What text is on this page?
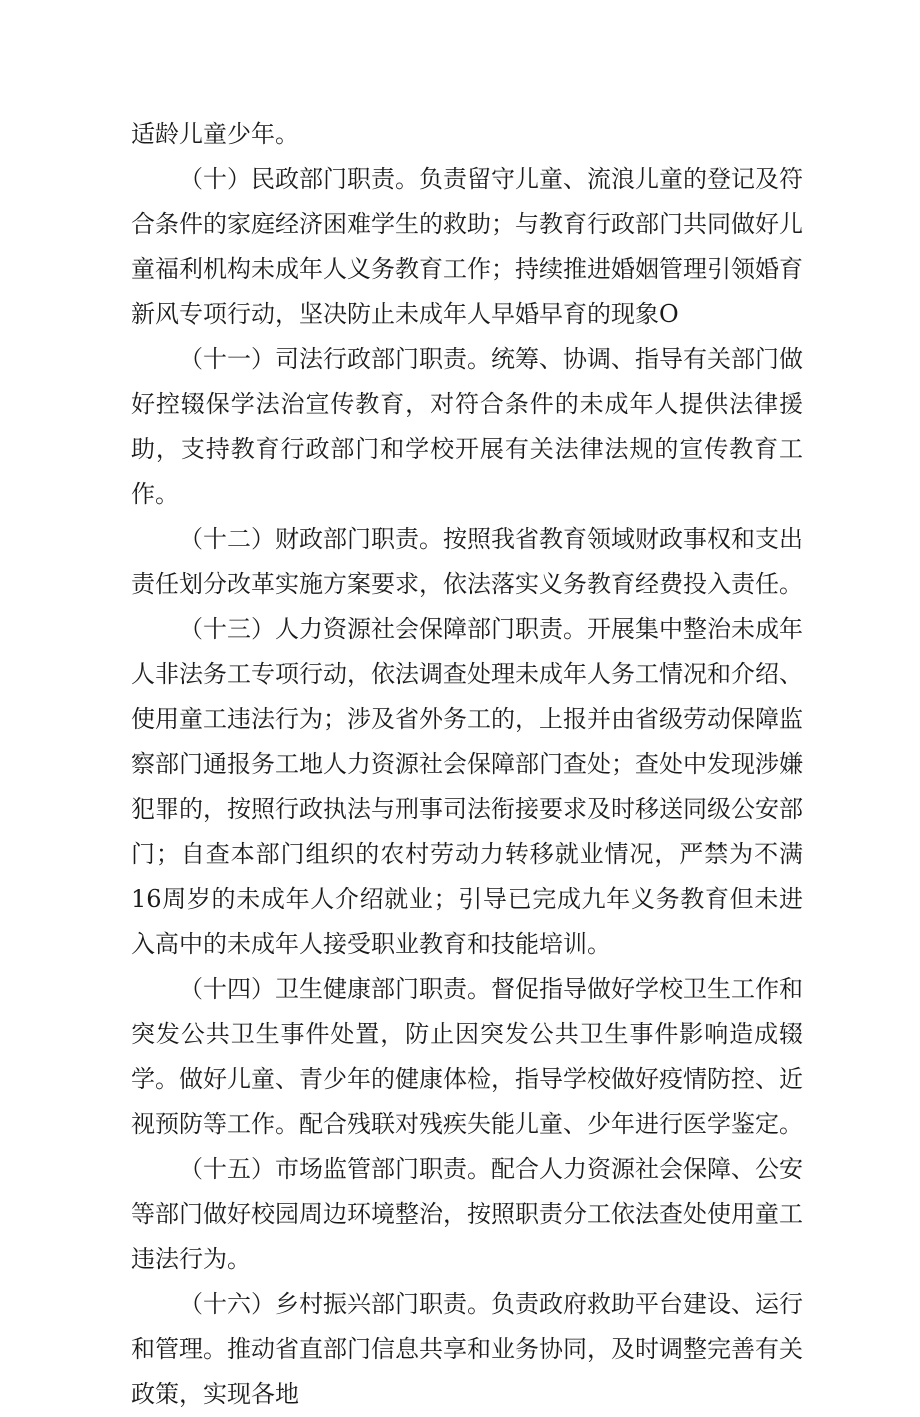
适龄儿童少年。

（十）民政部门职责。负责留守儿童、流浪儿童的登记及符合条件的家庭经济困难学生的救助；与教育行政部门共同做好儿童福利机构未成年人义务教育工作；持续推进婚姻管理引领婚育新风专项行动，坚决防止未成年人早婚早育的现象O

（十一）司法行政部门职责。统筹、协调、指导有关部门做好控辍保学法治宣传教育，对符合条件的未成年人提供法律援助，支持教育行政部门和学校开展有关法律法规的宣传教育工作。

（十二）财政部门职责。按照我省教育领域财政事权和支出责任划分改革实施方案要求，依法落实义务教育经费投入责任。

（十三）人力资源社会保障部门职责。开展集中整治未成年人非法务工专项行动，依法调查处理未成年人务工情况和介绍、使用童工违法行为；涉及省外务工的，上报并由省级劳动保障监察部门通报务工地人力资源社会保障部门查处；查处中发现涉嫌犯罪的，按照行政执法与刑事司法衔接要求及时移送同级公安部门；自查本部门组织的农村劳动力转移就业情况，严禁为不满16周岁的未成年人介绍就业；引导已完成九年义务教育但未进入高中的未成年人接受职业教育和技能培训。

（十四）卫生健康部门职责。督促指导做好学校卫生工作和突发公共卫生事件处置，防止因突发公共卫生事件影响造成辍学。做好儿童、青少年的健康体检，指导学校做好疫情防控、近视预防等工作。配合残联对残疾失能儿童、少年进行医学鉴定。

（十五）市场监管部门职责。配合人力资源社会保障、公安等部门做好校园周边环境整治，按照职责分工依法查处使用童工违法行为。

（十六）乡村振兴部门职责。负责政府救助平台建设、运行和管理。推动省直部门信息共享和业务协同，及时调整完善有关政策，实现各地
